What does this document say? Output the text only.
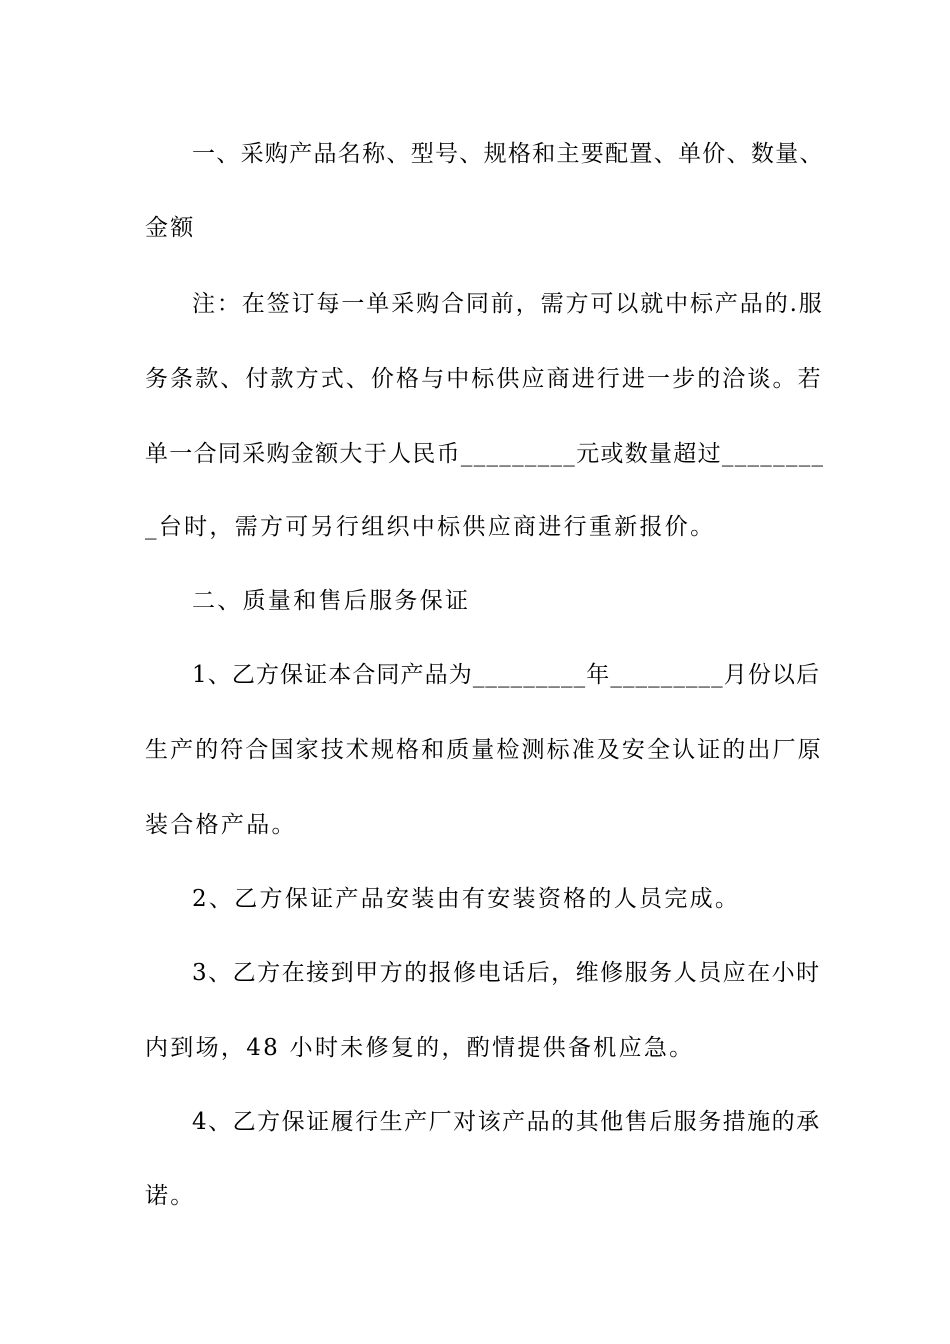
一、采购产品名称、型号、规格和主要配置、单价、数量、
金额
注：在签订每一单采购合同前，需方可以就中标产品的.服
务条款、付款方式、价格与中标供应商进行进一步的洽谈。若
单一合同采购金额大于人民币_________元或数量超过________
_台时，需方可另行组织中标供应商进行重新报价。
二、质量和售后服务保证
1、乙方保证本合同产品为_________年_________月份以后
生产的符合国家技术规格和质量检测标准及安全认证的出厂原
装合格产品。
2、乙方保证产品安装由有安装资格的人员完成。
3、乙方在接到甲方的报修电话后，维修服务人员应在小时
内到场，48 小时未修复的，酌情提供备机应急。
4、乙方保证履行生产厂对该产品的其他售后服务措施的承
诺。
